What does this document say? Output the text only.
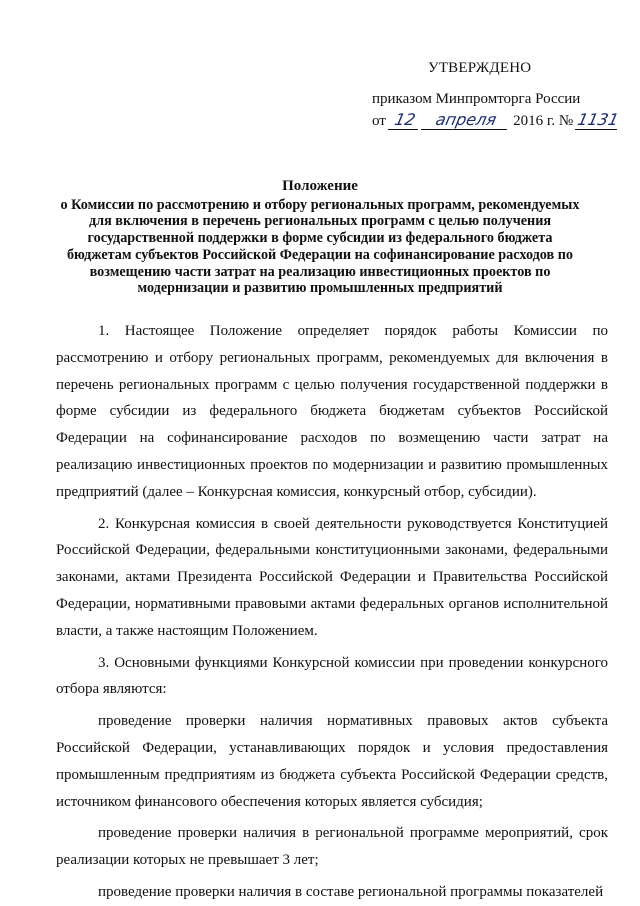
УТВЕРЖДЕНО
приказом Минпромторга России
от 12 апреля 2016 г. № 1131
Положение
о Комиссии по рассмотрению и отбору региональных программ, рекомендуемых для включения в перечень региональных программ с целью получения государственной поддержки в форме субсидии из федерального бюджета бюджетам субъектов Российской Федерации на софинансирование расходов по возмещению части затрат на реализацию инвестиционных проектов по модернизации и развитию промышленных предприятий

1. Настоящее Положение определяет порядок работы Комиссии по рассмотрению и отбору региональных программ, рекомендуемых для включения в перечень региональных программ с целью получения государственной поддержки в форме субсидии из федерального бюджета бюджетам субъектов Российской Федерации на софинансирование расходов по возмещению части затрат на реализацию инвестиционных проектов по модернизации и развитию промышленных предприятий (далее – Конкурсная комиссия, конкурсный отбор, субсидии).

2. Конкурсная комиссия в своей деятельности руководствуется Конституцией Российской Федерации, федеральными конституционными законами, федеральными законами, актами Президента Российской Федерации и Правительства Российской Федерации, нормативными правовыми актами федеральных органов исполнительной власти, а также настоящим Положением.

3. Основными функциями Конкурсной комиссии при проведении конкурсного отбора являются:

проведение проверки наличия нормативных правовых актов субъекта Российской Федерации, устанавливающих порядок и условия предоставления промышленным предприятиям из бюджета субъекта Российской Федерации средств, источником финансового обеспечения которых является субсидия;

проведение проверки наличия в региональной программе мероприятий, срок реализации которых не превышает 3 лет;

проведение проверки наличия в составе региональной программы показателей
